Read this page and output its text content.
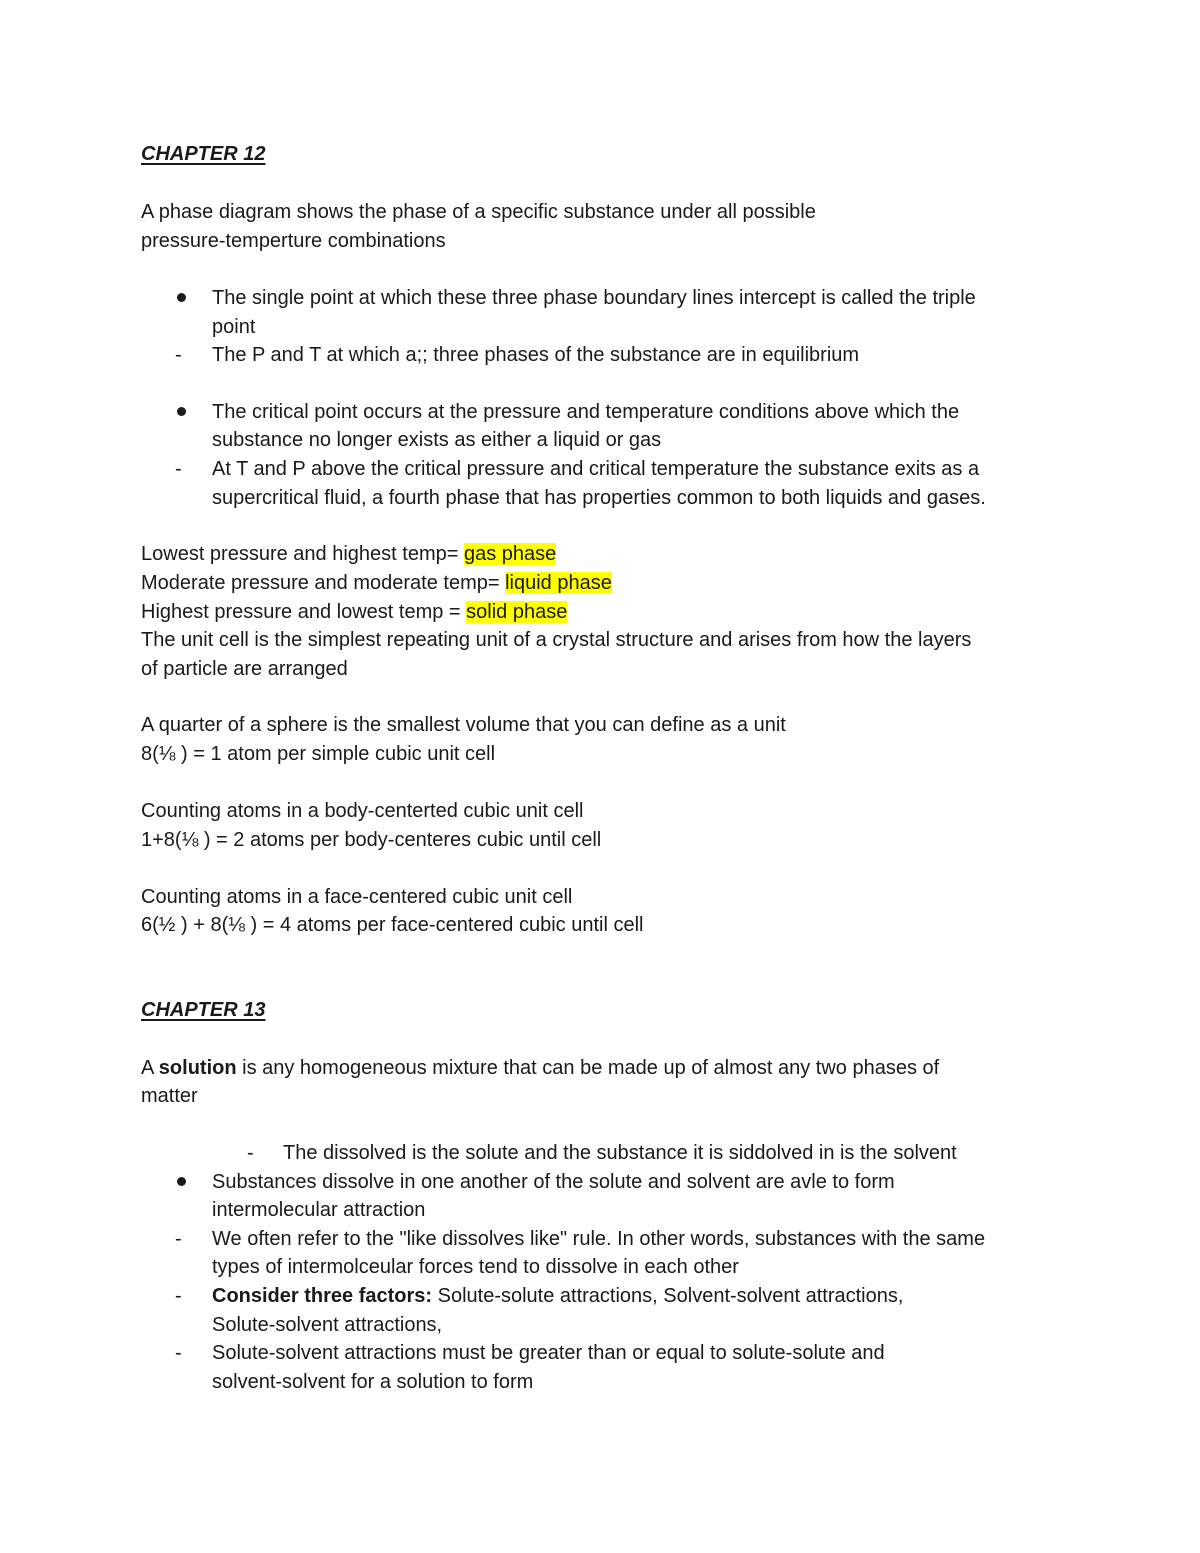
CHAPTER 12
A phase diagram shows the phase of a specific substance under all possible
pressure-temperture combinations
The single point at which these three phase boundary lines intercept is called the triple
point
- The P and T at which a;; three phases of the substance are in equilibrium
The critical point occurs at the pressure and temperature conditions above which the
substance no longer exists as either a liquid or gas
- At T and P above the critical pressure and critical temperature the substance exits as a
supercritical fluid, a fourth phase that has properties common to both liquids and gases.
Lowest pressure and highest temp= gas phase
Moderate pressure and moderate temp= liquid phase
Highest pressure and lowest temp = solid phase
The unit cell is the simplest repeating unit of a crystal structure and arises from how the layers
of particle are arranged
A quarter of a sphere is the smallest volume that you can define as a unit
8(⅛ ) = 1 atom per simple cubic unit cell
Counting atoms in a body-centerted cubic unit cell
1+8(⅛ ) = 2 atoms per body-centeres cubic until cell
Counting atoms in a face-centered cubic unit cell
6(½ ) + 8(⅛ ) = 4 atoms per face-centered cubic until cell
CHAPTER 13
A solution is any homogeneous mixture that can be made up of almost any two phases of
matter
- The dissolved is the solute and the substance it is siddolved in is the solvent
Substances dissolve in one another of the solute and solvent are avle to form
intermolecular attraction
- We often refer to the "like dissolves like" rule. In other words, substances with the same
types of intermolceular forces tend to dissolve in each other
- Consider three factors: Solute-solute attractions, Solvent-solvent attractions,
Solute-solvent attractions,
- Solute-solvent attractions must be greater than or equal to solute-solute and
solvent-solvent for a solution to form
